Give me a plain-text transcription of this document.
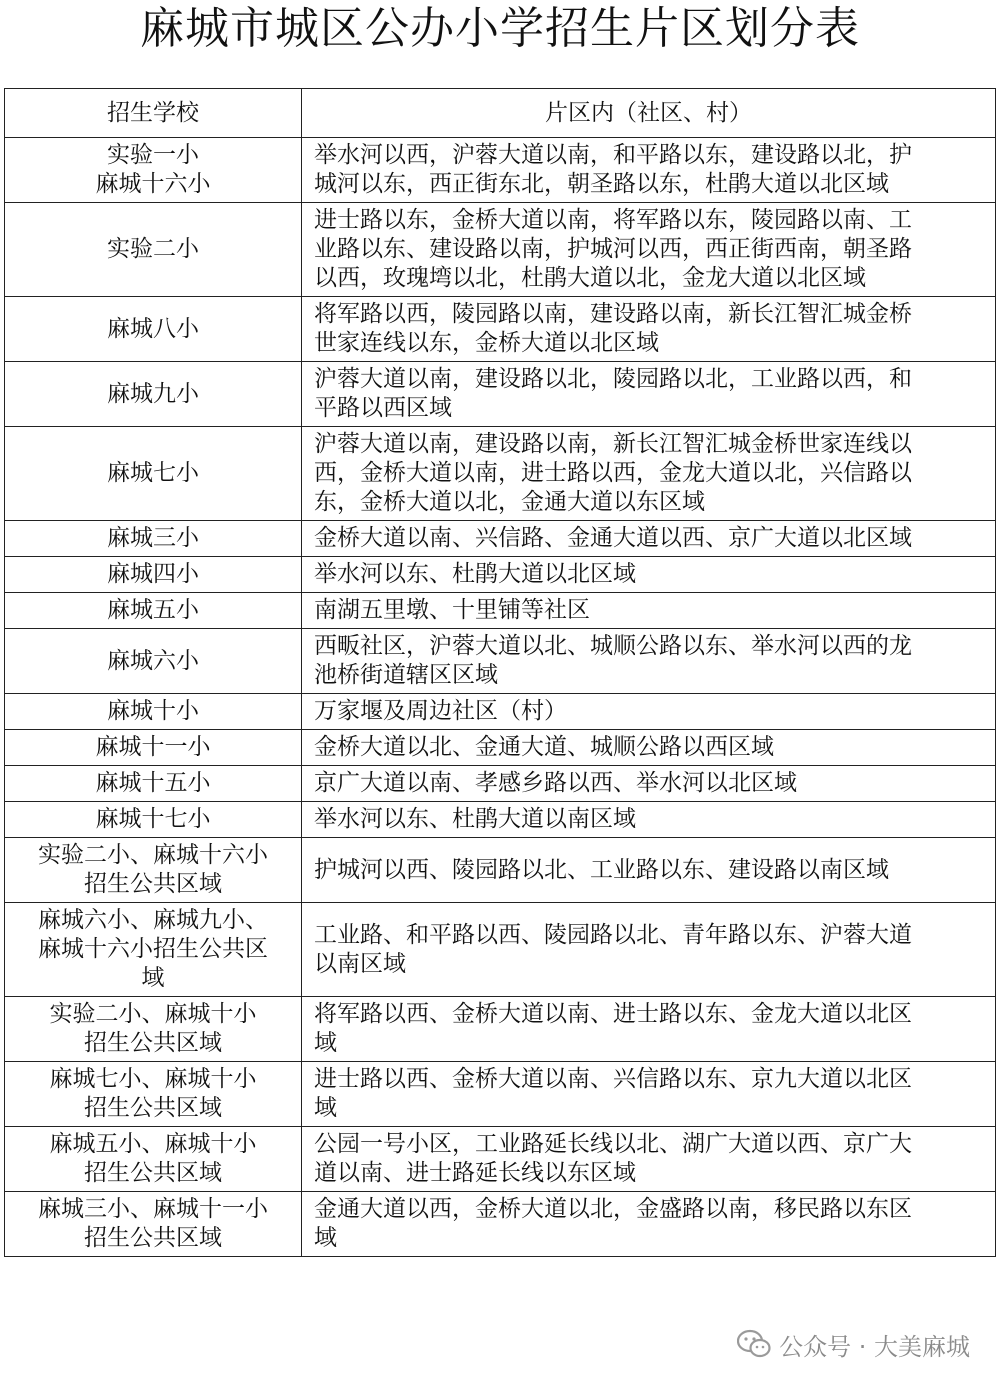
麻城市城区公办小学招生片区划分表
招生学校	片区内（社区、村）

实验一小
麻城十六小	举水河以西，沪蓉大道以南，和平路以东，建设路以北，护
城河以东，西正街东北，朝圣路以东，杜鹃大道以北区域

实验二小	进士路以东，金桥大道以南，将军路以东，陵园路以南、工
业路以东、建设路以南，护城河以西，西正街西南，朝圣路
以西，玫瑰塆以北，杜鹃大道以北，金龙大道以北区域

麻城八小	将军路以西，陵园路以南，建设路以南，新长江智汇城金桥
世家连线以东，金桥大道以北区域

麻城九小	沪蓉大道以南，建设路以北，陵园路以北，工业路以西，和
平路以西区域

麻城七小	沪蓉大道以南，建设路以南，新长江智汇城金桥世家连线以
西，金桥大道以南，进士路以西，金龙大道以北，兴信路以
东，金桥大道以北，金通大道以东区域

麻城三小	金桥大道以南、兴信路、金通大道以西、京广大道以北区域

麻城四小	举水河以东、杜鹃大道以北区域

麻城五小	南湖五里墩、十里铺等社区

麻城六小	西畈社区，沪蓉大道以北、城顺公路以东、举水河以西的龙
池桥街道辖区区域

麻城十小	万家堰及周边社区（村）

麻城十一小	金桥大道以北、金通大道、城顺公路以西区域

麻城十五小	京广大道以南、孝感乡路以西、举水河以北区域

麻城十七小	举水河以东、杜鹃大道以南区域

实验二小、麻城十六小
招生公共区域	护城河以西、陵园路以北、工业路以东、建设路以南区域

麻城六小、麻城九小、
麻城十六小招生公共区
域	工业路、和平路以西、陵园路以北、青年路以东、沪蓉大道
以南区域

实验二小、麻城十小
招生公共区域	将军路以西、金桥大道以南、进士路以东、金龙大道以北区
域

麻城七小、麻城十小
招生公共区域	进士路以西、金桥大道以南、兴信路以东、京九大道以北区
域

麻城五小、麻城十小
招生公共区域	公园一号小区，工业路延长线以北、湖广大道以西、京广大
道以南、进士路延长线以东区域

麻城三小、麻城十一小
招生公共区域	金通大道以西，金桥大道以北，金盛路以南，移民路以东区
域
公众号 · 大美麻城
